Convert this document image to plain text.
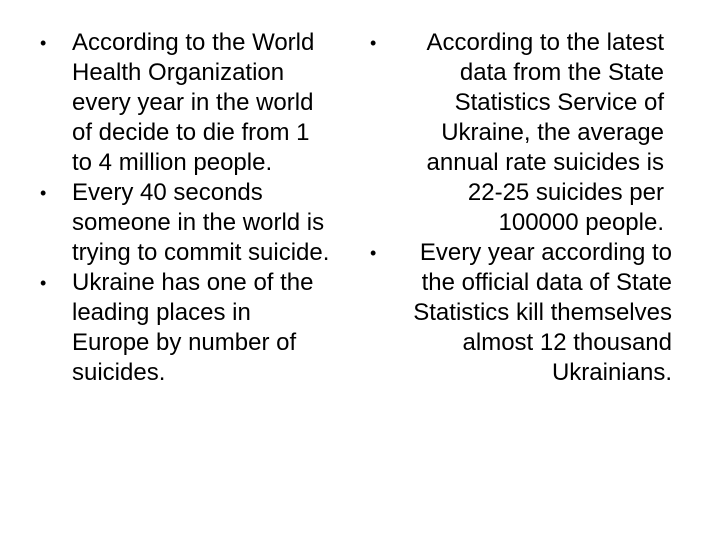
• According to the World Health Organization every year in the world of decide to die from 1 to 4 million people.
• Every 40 seconds someone in the world is trying to commit suicide.
• Ukraine has one of the leading places in Europe by number of suicides.
• According to the latest data from the State Statistics Service of Ukraine, the average annual rate suicides is 22-25 suicides per 100000 people.
• Every year according to the official data of State Statistics kill themselves almost 12 thousand Ukrainians.
